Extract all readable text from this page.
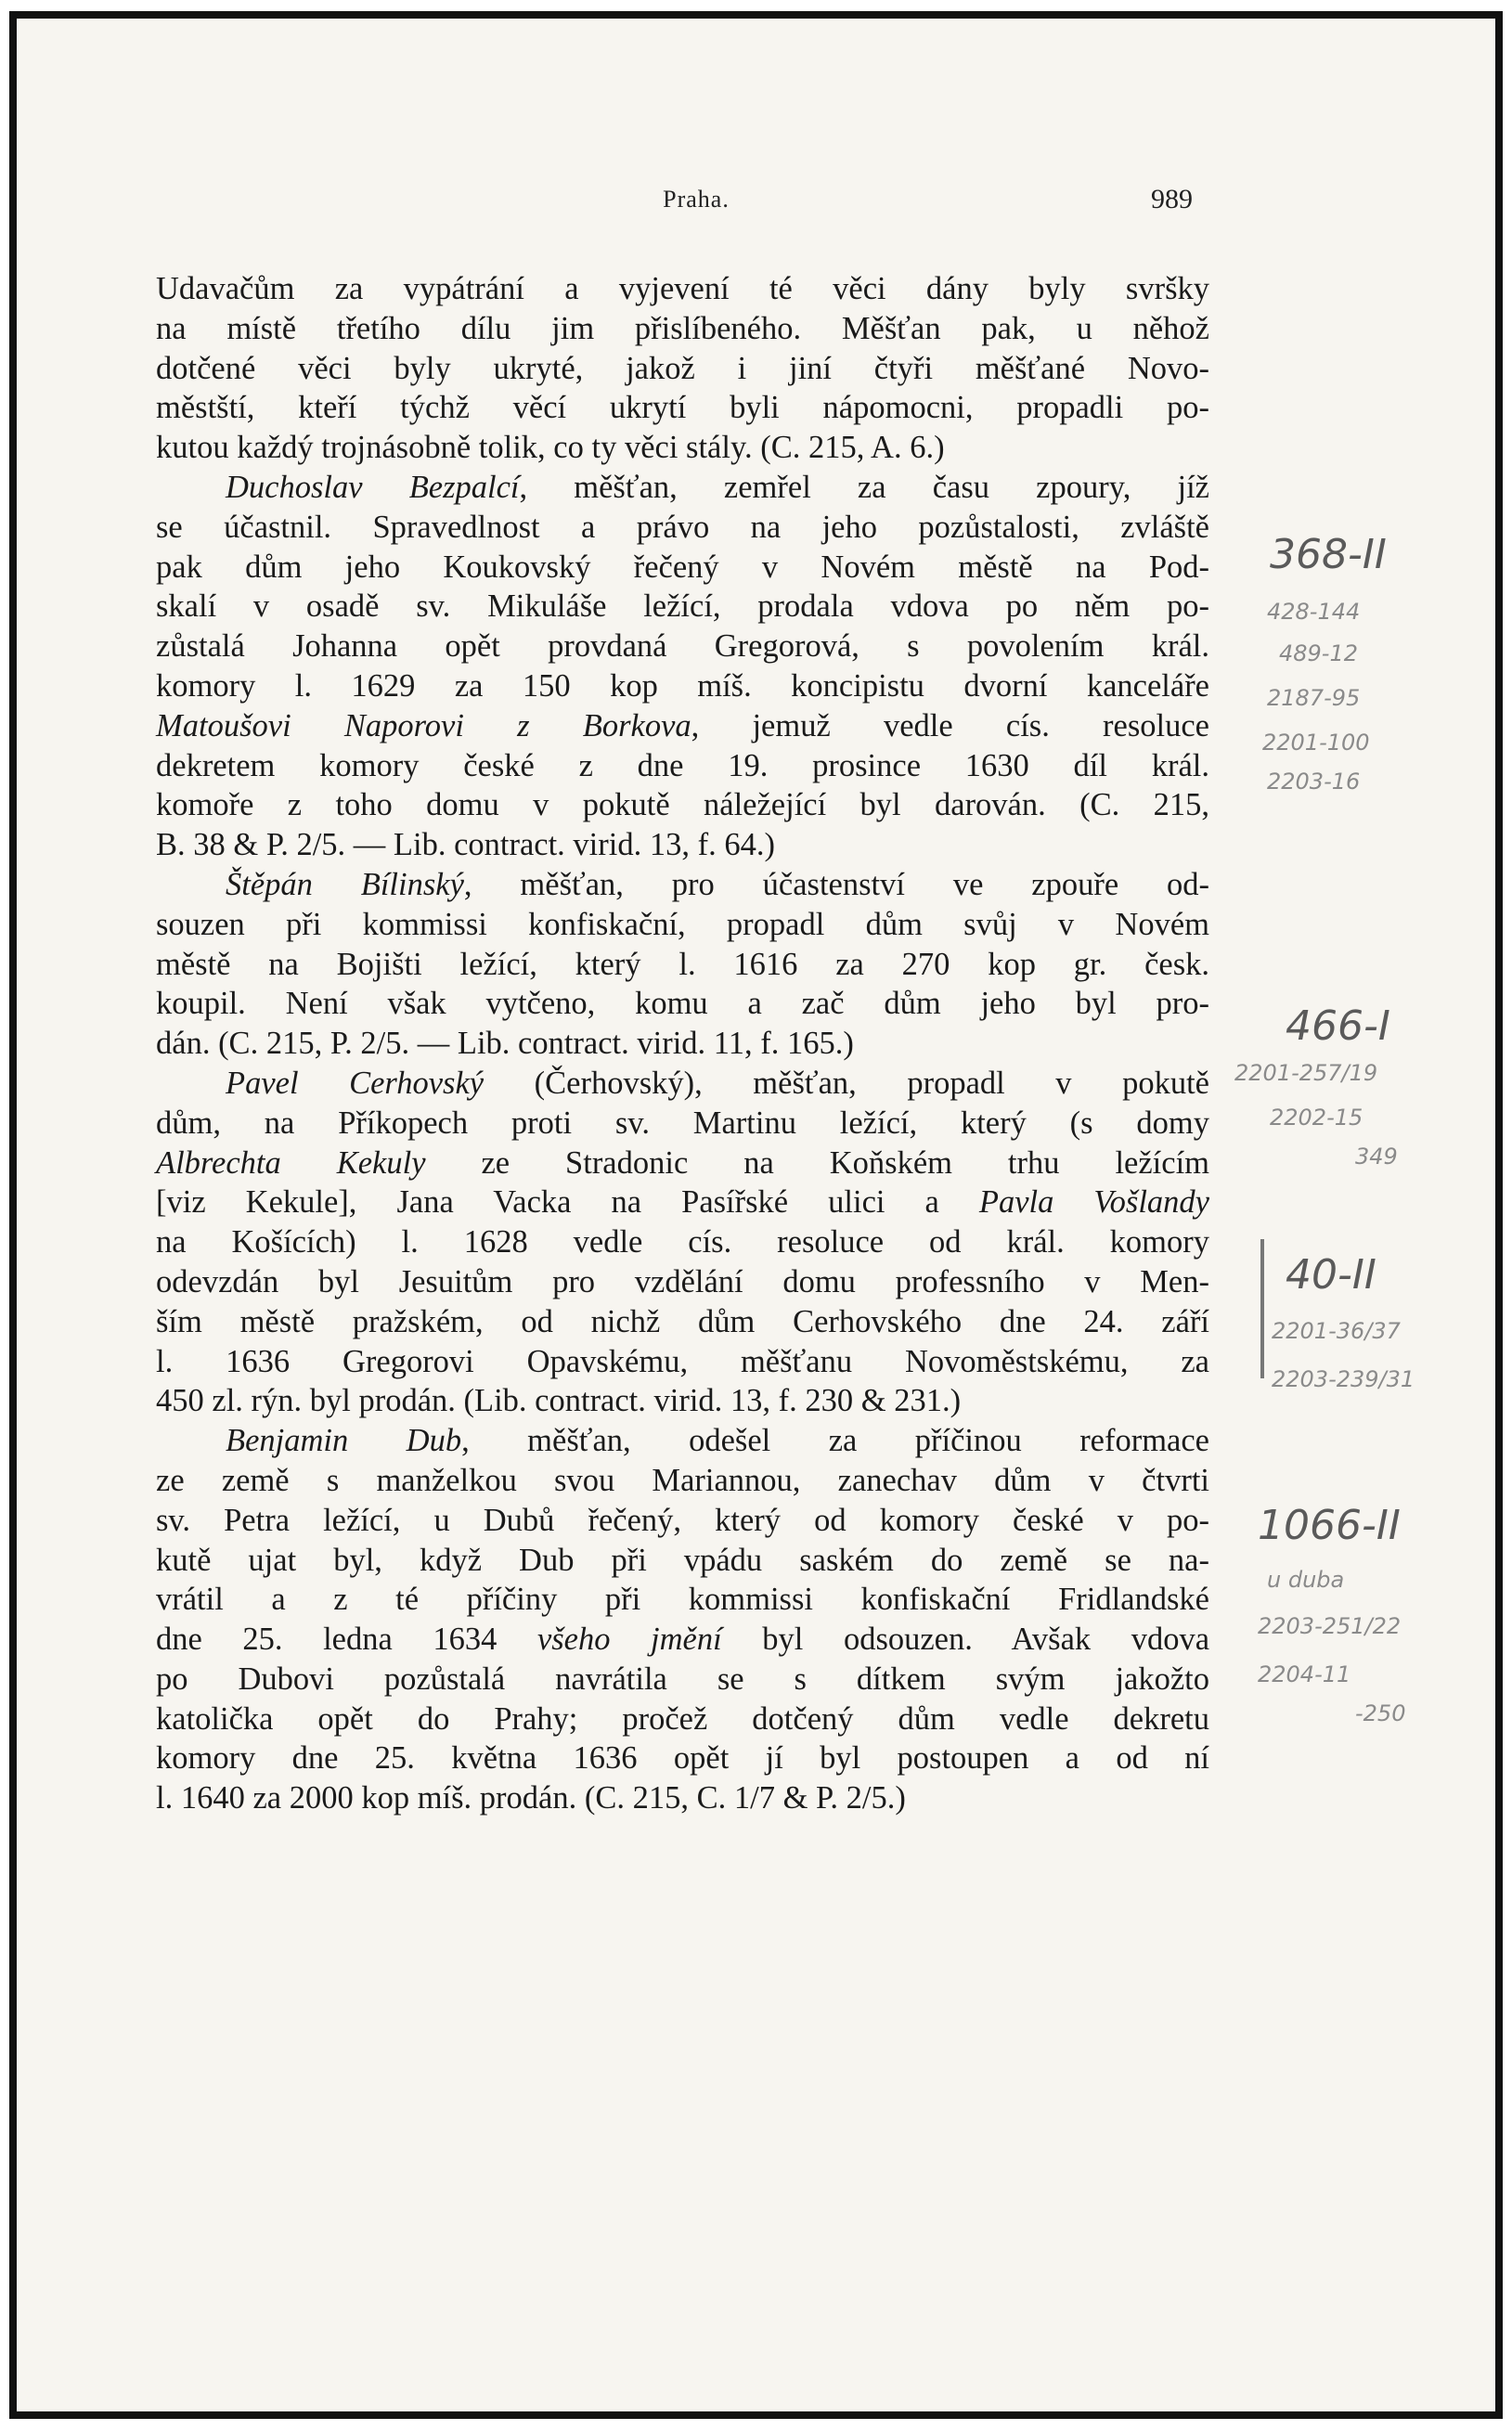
Praha.	989
Udavačům za vypátrání a vyjevení té věci dány byly svršky
na místě třetího dílu jim přislíbeného. Měšťan pak, u něhož
dotčené věci byly ukryté, jakož i jiní čtyři měšťané Novo-
městští, kteří týchž věcí ukrytí byli nápomocni, propadli po-
kutou každý trojnásobně tolik, co ty věci stály. (C. 215, A. 6.)
Duchoslav Bezpalcí, měšťan, zemřel za času zpoury, jíž
se účastnil. Spravedlnost a právo na jeho pozůstalosti, zvláště
pak dům jeho Koukovský řečený v Novém městě na Pod-
skalí v osadě sv. Mikuláše ležící, prodala vdova po něm po-
zůstalá Johanna opět provdaná Gregorová, s povolením král.
komory l. 1629 za 150 kop míš. koncipistu dvorní kanceláře
Matoušovi Naporovi z Borkova, jemuž vedle cís. resoluce
dekretem komory české z dne 19. prosince 1630 díl král.
komoře z toho domu v pokutě náležející byl darován. (C. 215,
B. 38 & P. 2/5. — Lib. contract. virid. 13, f. 64.)
Štěpán Bílinský, měšťan, pro účastenství ve zpouře od-
souzen při kommissi konfiskační, propadl dům svůj v Novém
městě na Bojišti ležící, který l. 1616 za 270 kop gr. česk.
koupil. Není však vytčeno, komu a zač dům jeho byl pro-
dán. (C. 215, P. 2/5. — Lib. contract. virid. 11, f. 165.)
Pavel Cerhovský (Čerhovský), měšťan, propadl v pokutě
dům, na Příkopech proti sv. Martinu ležící, který (s domy
Albrechta Kekuly ze Stradonic na Koňském trhu ležícím
[viz Kekule], Jana Vacka na Pasířské ulici a Pavla Vošlandy
na Košících) l. 1628 vedle cís. resoluce od král. komory
odevzdán byl Jesuitům pro vzdělání domu professního v Men-
ším městě pražském, od nichž dům Cerhovského dne 24. září
l. 1636 Gregorovi Opavskému, měšťanu Novoměstskému, za
450 zl. rýn. byl prodán. (Lib. contract. virid. 13, f. 230 & 231.)
Benjamin Dub, měšťan, odešel za příčinou reformace
ze země s manželkou svou Mariannou, zanechav dům v čtvrti
sv. Petra ležící, u Dubů řečený, který od komory české v po-
kutě ujat byl, když Dub při vpádu saském do země se na-
vrátil a z té příčiny při kommissi konfiskační Fridlandské
dne 25. ledna 1634 všeho jmění byl odsouzen. Avšak vdova
po Dubovi pozůstalá navrátila se s dítkem svým jakožto
katolička opět do Prahy; pročež dotčený dům vedle dekretu
komory dne 25. května 1636 opět jí byl postoupen a od ní
l. 1640 za 2000 kop míš. prodán. (C. 215, C. 1/7 & P. 2/5.)
368-II
428-144
489-12
2187-95
2201-100
2203-16
466-I
2201-257/19
2202-15
349
40-II
2201-36/37
2203-239/31
1066-II
u duba
2203-251/22
2204-11
-250
